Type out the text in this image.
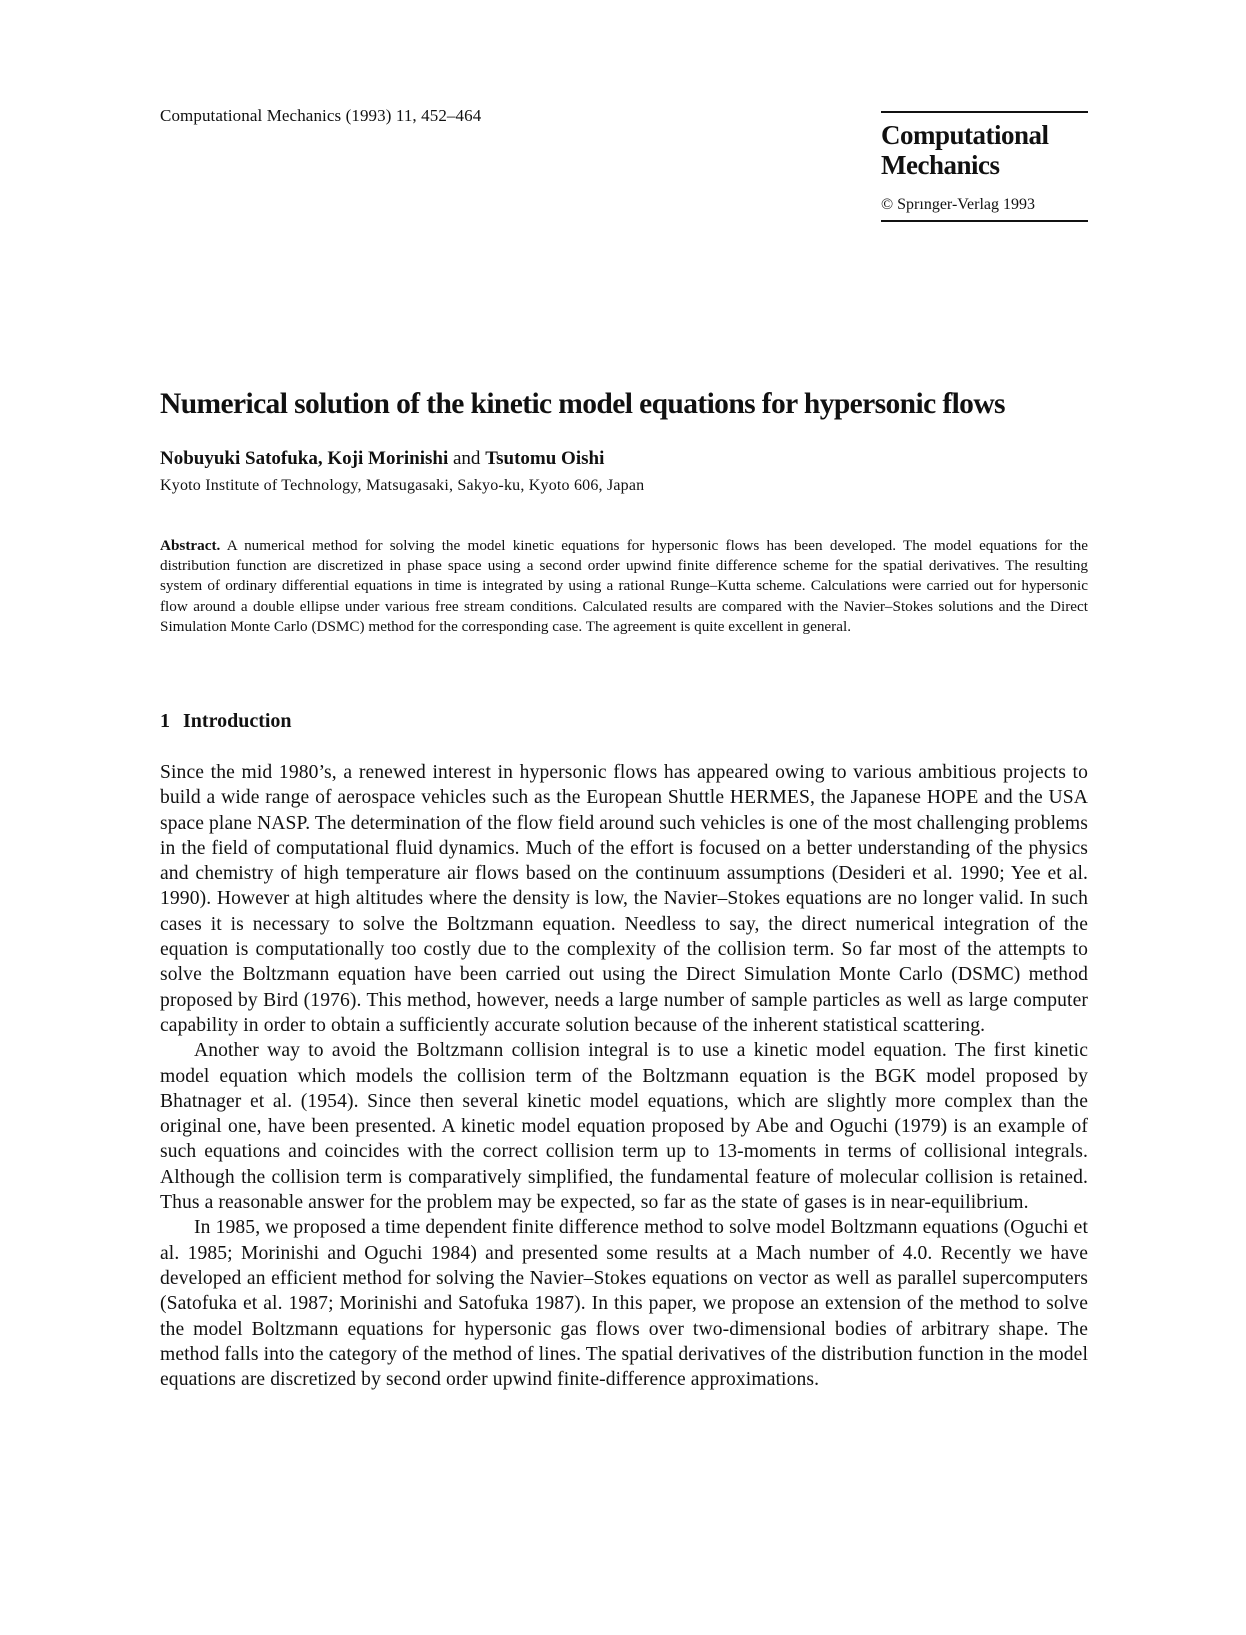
Computational Mechanics (1993) 11, 452–464
Computational
Mechanics
© Sprınger-Verlag 1993
Numerical solution of the kinetic model equations for hypersonic flows
Nobuyuki Satofuka, Koji Morinishi and Tsutomu Oishi
Kyoto Institute of Technology, Matsugasaki, Sakyo-ku, Kyoto 606, Japan
Abstract. A numerical method for solving the model kinetic equations for hypersonic flows has been developed. The model equations for the distribution function are discretized in phase space using a second order upwind finite difference scheme for the spatial derivatives. The resulting system of ordinary differential equations in time is integrated by using a rational Runge–Kutta scheme. Calculations were carried out for hypersonic flow around a double ellipse under various free stream conditions. Calculated results are compared with the Navier–Stokes solutions and the Direct Simulation Monte Carlo (DSMC) method for the corresponding case. The agreement is quite excellent in general.
1 Introduction

Since the mid 1980’s, a renewed interest in hypersonic flows has appeared owing to various ambitious projects to build a wide range of aerospace vehicles such as the European Shuttle HERMES, the Japanese HOPE and the USA space plane NASP. The determination of the flow field around such vehicles is one of the most challenging problems in the field of computational fluid dynamics. Much of the effort is focused on a better understanding of the physics and chemistry of high temperature air flows based on the continuum assumptions (Desideri et al. 1990; Yee et al. 1990). However at high altitudes where the density is low, the Navier–Stokes equations are no longer valid. In such cases it is necessary to solve the Boltzmann equation. Needless to say, the direct numerical integration of the equation is computationally too costly due to the complexity of the collision term. So far most of the attempts to solve the Boltzmann equation have been carried out using the Direct Simulation Monte Carlo (DSMC) method proposed by Bird (1976). This method, however, needs a large number of sample particles as well as large computer capability in order to obtain a sufficiently accurate solution because of the inherent statistical scattering.

Another way to avoid the Boltzmann collision integral is to use a kinetic model equation. The first kinetic model equation which models the collision term of the Boltzmann equation is the BGK model proposed by Bhatnager et al. (1954). Since then several kinetic model equations, which are slightly more complex than the original one, have been presented. A kinetic model equation proposed by Abe and Oguchi (1979) is an example of such equations and coincides with the correct collision term up to 13-moments in terms of collisional integrals. Although the collision term is comparatively simplified, the fundamental feature of molecular collision is retained. Thus a reasonable answer for the problem may be expected, so far as the state of gases is in near-equilibrium.

In 1985, we proposed a time dependent finite difference method to solve model Boltzmann equations (Oguchi et al. 1985; Morinishi and Oguchi 1984) and presented some results at a Mach number of 4.0. Recently we have developed an efficient method for solving the Navier–Stokes equations on vector as well as parallel supercomputers (Satofuka et al. 1987; Morinishi and Satofuka 1987). In this paper, we propose an extension of the method to solve the model Boltzmann equations for hypersonic gas flows over two-dimensional bodies of arbitrary shape. The method falls into the category of the method of lines. The spatial derivatives of the distribution function in the model equations are discretized by second order upwind finite-difference approximations.
